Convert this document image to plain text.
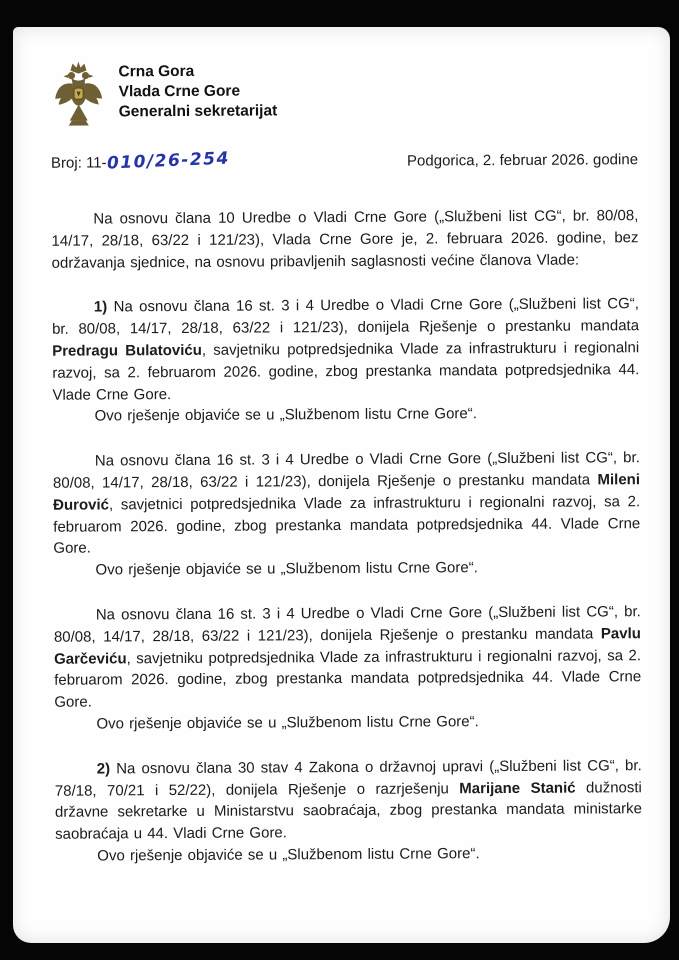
Crna Gora
Vlada Crne Gore
Generalni sekretarijat
Broj: 11-010/26-254	Podgorica, 2. februar 2026. godine

Na osnovu člana 10 Uredbe o Vladi Crne Gore („Službeni list CG“, br. 80/08, 14/17, 28/18, 63/22 i 121/23), Vlada Crne Gore je, 2. februara 2026. godine, bez održavanja sjednice, na osnovu pribavljenih saglasnosti većine članova Vlade:

1) Na osnovu člana 16 st. 3 i 4 Uredbe o Vladi Crne Gore („Službeni list CG“, br. 80/08, 14/17, 28/18, 63/22 i 121/23), donijela Rješenje o prestanku mandata Predragu Bulatoviću, savjetniku potpredsjednika Vlade za infrastrukturu i regionalni razvoj, sa 2. februarom 2026. godine, zbog prestanka mandata potpredsjednika 44. Vlade Crne Gore.

Ovo rješenje objaviće se u „Službenom listu Crne Gore“.

Na osnovu člana 16 st. 3 i 4 Uredbe o Vladi Crne Gore („Službeni list CG“, br. 80/08, 14/17, 28/18, 63/22 i 121/23), donijela Rješenje o prestanku mandata Mileni Đurović, savjetnici potpredsjednika Vlade za infrastrukturu i regionalni razvoj, sa 2. februarom 2026. godine, zbog prestanka mandata potpredsjednika 44. Vlade Crne Gore.

Ovo rješenje objaviće se u „Službenom listu Crne Gore“.

Na osnovu člana 16 st. 3 i 4 Uredbe o Vladi Crne Gore („Službeni list CG“, br. 80/08, 14/17, 28/18, 63/22 i 121/23), donijela Rješenje o prestanku mandata Pavlu Garčeviću, savjetniku potpredsjednika Vlade za infrastrukturu i regionalni razvoj, sa 2. februarom 2026. godine, zbog prestanka mandata potpredsjednika 44. Vlade Crne Gore.

Ovo rješenje objaviće se u „Službenom listu Crne Gore“.

2) Na osnovu člana 30 stav 4 Zakona o državnoj upravi („Službeni list CG“, br. 78/18, 70/21 i 52/22), donijela Rješenje o razrješenju Marijane Stanić dužnosti državne sekretarke u Ministarstvu saobraćaja, zbog prestanka mandata ministarke saobraćaja u 44. Vladi Crne Gore.

Ovo rješenje objaviće se u „Službenom listu Crne Gore“.
